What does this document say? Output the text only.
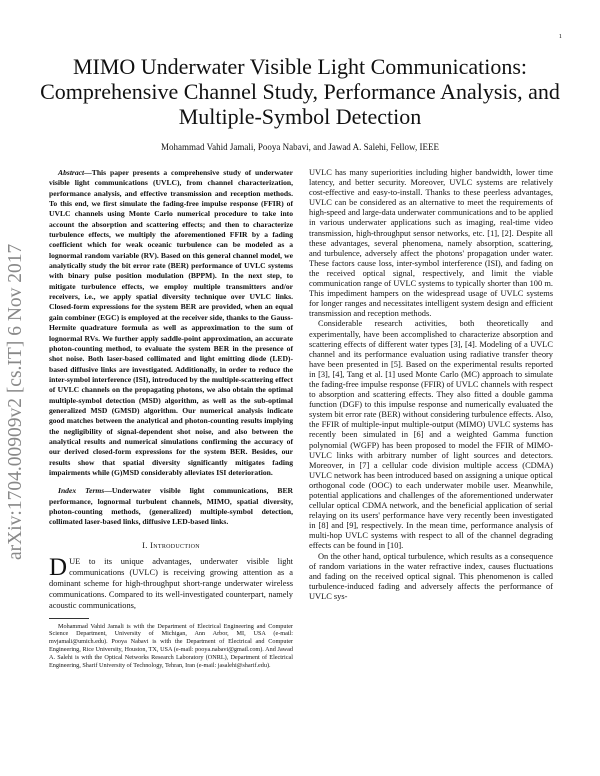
1
arXiv:1704.00909v2 [cs.IT] 6 Nov 2017
MIMO Underwater Visible Light Communications: Comprehensive Channel Study, Performance Analysis, and Multiple-Symbol Detection
Mohammad Vahid Jamali, Pooya Nabavi, and Jawad A. Salehi, Fellow, IEEE

Abstract—This paper presents a comprehensive study of underwater visible light communications (UVLC), from channel characterization, performance analysis, and effective transmission and reception methods. To this end, we first simulate the fading-free impulse response (FFIR) of UVLC channels using Monte Carlo numerical procedure to take into account the absorption and scattering effects; and then to characterize turbulence effects, we multiply the aforementioned FFIR by a fading coefficient which for weak oceanic turbulence can be modeled as a lognormal random variable (RV). Based on this general channel model, we analytically study the bit error rate (BER) performance of UVLC systems with binary pulse position modulation (BPPM). In the next step, to mitigate turbulence effects, we employ multiple transmitters and/or receivers, i.e., we apply spatial diversity technique over UVLC links. Closed-form expressions for the system BER are provided, when an equal gain combiner (EGC) is employed at the receiver side, thanks to the Gauss-Hermite quadrature formula as well as approximation to the sum of lognormal RVs. We further apply saddle-point approximation, an accurate photon-counting method, to evaluate the system BER in the presence of shot noise. Both laser-based collimated and light emitting diode (LED)-based diffusive links are investigated. Additionally, in order to reduce the inter-symbol interference (ISI), introduced by the multiple-scattering effect of UVLC channels on the propagating photons, we also obtain the optimal multiple-symbol detection (MSD) algorithm, as well as the sub-optimal generalized MSD (GMSD) algorithm. Our numerical analysis indicate good matches between the analytical and photon-counting results implying the negligibility of signal-dependent shot noise, and also between the analytical results and numerical simulations confirming the accuracy of our derived closed-form expressions for the system BER. Besides, our results show that spatial diversity significantly mitigates fading impairments while (G)MSD considerably alleviates ISI deterioration.

Index Terms—Underwater visible light communications, BER performance, lognormal turbulent channels, MIMO, spatial diversity, photon-counting methods, (generalized) multiple-symbol detection, collimated laser-based links, diffusive LED-based links.

I. Introduction

DUE to its unique advantages, underwater visible light communications (UVLC) is receiving growing attention as a dominant scheme for high-throughput short-range underwater wireless communications. Compared to its well-investigated counterpart, namely acoustic communications,

Mohammad Vahid Jamali is with the Department of Electrical Engineering and Computer Science Department, University of Michigan, Ann Arbor, MI, USA (e-mail: mvjamali@umich.edu). Pooya Nabavi is with the Department of Electrical and Computer Engineering, Rice University, Houston, TX, USA (e-mail: pooya.nabavi@gmail.com). And Jawad A. Salehi is with the Optical Networks Research Laboratory (ONRL), Department of Electrical Engineering, Sharif University of Technology, Tehran, Iran (e-mail: jasalehi@sharif.edu).

UVLC has many superiorities including higher bandwidth, lower time latency, and better security. Moreover, UVLC systems are relatively cost-effective and easy-to-install. Thanks to these peerless advantages, UVLC can be considered as an alternative to meet the requirements of high-speed and large-data underwater communications and to be applied in various underwater applications such as imaging, real-time video transmission, high-throughput sensor networks, etc. [1], [2]. Despite all these advantages, several phenomena, namely absorption, scattering, and turbulence, adversely affect the photons' propagation under water. These factors cause loss, inter-symbol interference (ISI), and fading on the received optical signal, respectively, and limit the viable communication range of UVLC systems to typically shorter than 100 m. This impediment hampers on the widespread usage of UVLC systems for longer ranges and necessitates intelligent system design and efficient transmission and reception methods.

Considerable research activities, both theoretically and experimentally, have been accomplished to characterize absorption and scattering effects of different water types [3], [4]. Modeling of a UVLC channel and its performance evaluation using radiative transfer theory have been presented in [5]. Based on the experimental results reported in [3], [4], Tang et al. [1] used Monte Carlo (MC) approach to simulate the fading-free impulse response (FFIR) of UVLC channels with respect to absorption and scattering effects. They also fitted a double gamma function (DGF) to this impulse response and numerically evaluated the system bit error rate (BER) without considering turbulence effects. Also, the FFIR of multiple-input multiple-output (MIMO) UVLC systems has recently been simulated in [6] and a weighted Gamma function polynomial (WGFP) has been proposed to model the FFIR of MIMO-UVLC links with arbitrary number of light sources and detectors. Moreover, in [7] a cellular code division multiple access (CDMA) UVLC network has been introduced based on assigning a unique optical orthogonal code (OOC) to each underwater mobile user. Meanwhile, potential applications and challenges of the aforementioned underwater cellular optical CDMA network, and the beneficial application of serial relaying on its users' performance have very recently been investigated in [8] and [9], respectively. In the mean time, performance analysis of multi-hop UVLC systems with respect to all of the channel degrading effects can be found in [10].

On the other hand, optical turbulence, which results as a consequence of random variations in the water refractive index, causes fluctuations and fading on the received optical signal. This phenomenon is called turbulence-induced fading and adversely affects the performance of UVLC sys-
